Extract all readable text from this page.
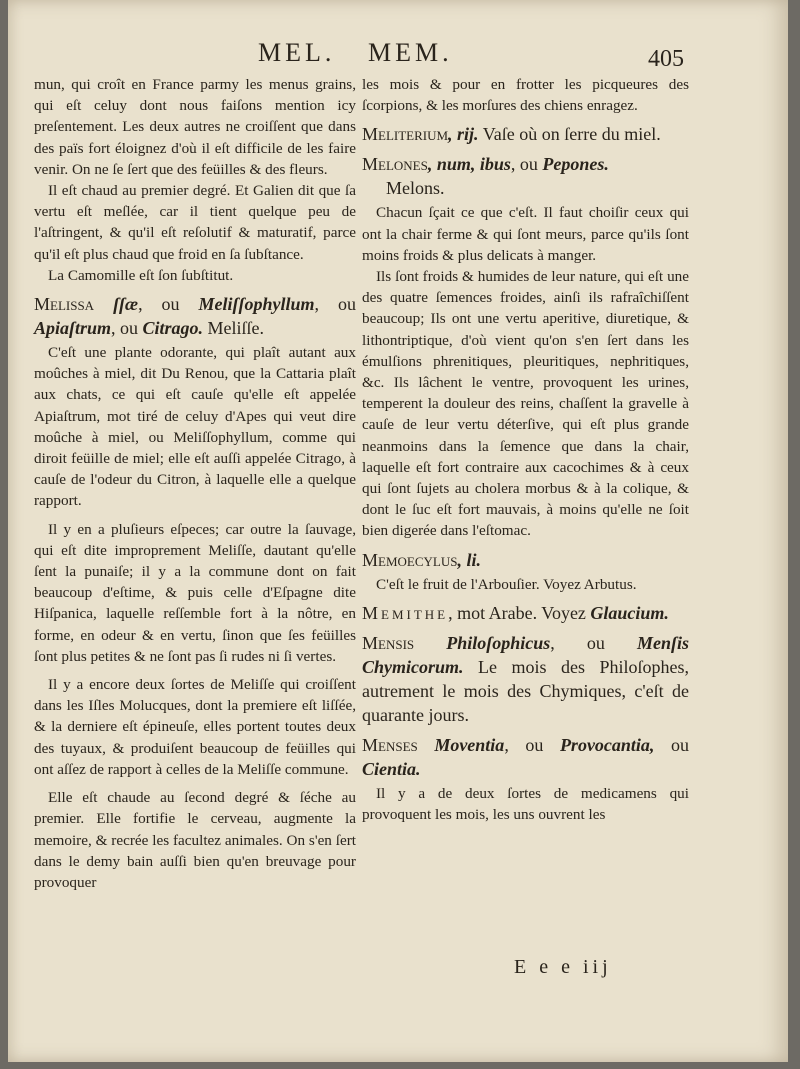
MEL. MEM.	405

mun, qui croît en France parmy les menus grains, qui eſt celuy dont nous faiſons mention icy preſentement. Les deux autres ne croiſſent que dans des païs fort éloignez d'où il eſt difficile de les faire venir. On ne ſe ſert que des feüilles & des fleurs.

Il eſt chaud au premier degré. Et Galien dit que ſa vertu eſt meſlée, car il tient quelque peu de l'aſtringent, & qu'il eſt reſolutif & maturatif, parce qu'il eſt plus chaud que froid en ſa ſubſtance.

La Camomille eſt ſon ſubſtitut.

Melissa ſſæ, ou Meliſſophyllum, ou Apiaſtrum, ou Citrago. Meliſſe.

C'eſt une plante odorante, qui plaît autant aux moûches à miel, dit Du Renou, que la Cattaria plaît aux chats, ce qui eſt cauſe qu'elle eſt appelée Apiaſtrum, mot tiré de celuy d'Apes qui veut dire moûche à miel, ou Meliſſophyllum, comme qui diroit feüille de miel; elle eſt auſſi appelée Citrago, à cauſe de l'odeur du Citron, à laquelle elle a quelque rapport.

Il y en a pluſieurs eſpeces; car outre la ſauvage, qui eſt dite improprement Meliſſe, dautant qu'elle ſent la punaiſe; il y a la commune dont on fait beaucoup d'eſtime, & puis celle d'Eſpagne dite Hiſpanica, laquelle reſſemble fort à la nôtre, en forme, en odeur & en vertu, ſinon que ſes feüilles ſont plus petites & ne ſont pas ſi rudes ni ſi vertes.

Il y a encore deux ſortes de Meliſſe qui croiſſent dans les Iſles Molucques, dont la premiere eſt liſſée, & la derniere eſt épineuſe, elles portent toutes deux des tuyaux, & produiſent beaucoup de feüilles qui ont aſſez de rapport à celles de la Meliſſe commune.

Elle eſt chaude au ſecond degré & ſéche au premier. Elle fortifie le cerveau, augmente la memoire, & recrée les facultez animales. On s'en ſert dans le demy bain auſſi bien qu'en breuvage pour provoquer

les mois & pour en frotter les picqueures des ſcorpions, & les morſures des chiens enragez.

Meliterium, rij. Vaſe où on ſerre du miel.
Melones, num, ibus, ou Pepones.
Melons.

Chacun ſçait ce que c'eſt. Il faut choiſir ceux qui ont la chair ferme & qui ſont meurs, parce qu'ils ſont moins froids & plus delicats à manger.

Ils ſont froids & humides de leur nature, qui eſt une des quatre ſemences froides, ainſi ils rafraîchiſſent beaucoup; Ils ont une vertu aperitive, diuretique, & lithontriptique, d'où vient qu'on s'en ſert dans les émulſions phrenitiques, pleuritiques, nephritiques, &c. Ils lâchent le ventre, provoquent les urines, temperent la douleur des reins, chaſſent la gravelle à cauſe de leur vertu déterſive, qui eſt plus grande neanmoins dans la ſemence que dans la chair, laquelle eſt fort contraire aux cacochimes & à ceux qui ſont ſujets au cholera morbus & à la colique, & dont le ſuc eſt fort mauvais, à moins qu'elle ne ſoit bien digerée dans l'eſtomac.

Memoecylus, li.

C'eſt le fruit de l'Arbouſier. Voyez Arbutus.

Memithe, mot Arabe. Voyez Glaucium.
Mensis Philoſophicus, ou Menſis Chymicorum. Le mois des Philoſophes, autrement le mois des Chymiques, c'eſt de quarante jours.
Menses Moventia, ou Provocantia, ou Cientia.

Il y a de deux ſortes de medicamens qui provoquent les mois, les uns ouvrent les

E e e iij
